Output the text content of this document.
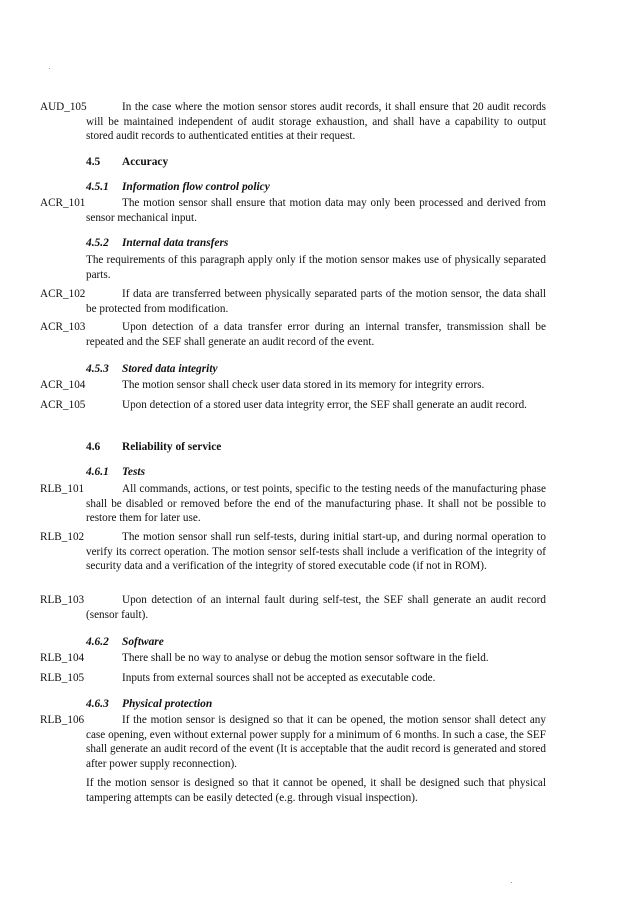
AUD_105	In the case where the motion sensor stores audit records, it shall ensure that 20 audit records will be maintained independent of audit storage exhaustion, and shall have a capability to output stored audit records to authenticated entities at their request.
4.5 Accuracy
4.5.1 Information flow control policy
ACR_101	The motion sensor shall ensure that motion data may only been processed and derived from sensor mechanical input.
4.5.2 Internal data transfers
The requirements of this paragraph apply only if the motion sensor makes use of physically separated parts.
ACR_102	If data are transferred between physically separated parts of the motion sensor, the data shall be protected from modification.
ACR_103	Upon detection of a data transfer error during an internal transfer, transmission shall be repeated and the SEF shall generate an audit record of the event.
4.5.3 Stored data integrity
ACR_104	The motion sensor shall check user data stored in its memory for integrity errors.
ACR_105	Upon detection of a stored user data integrity error, the SEF shall generate an audit record.
4.6 Reliability of service
4.6.1 Tests
RLB_101	All commands, actions, or test points, specific to the testing needs of the manufacturing phase shall be disabled or removed before the end of the manufacturing phase. It shall not be possible to restore them for later use.
RLB_102	The motion sensor shall run self-tests, during initial start-up, and during normal operation to verify its correct operation. The motion sensor self-tests shall include a verification of the integrity of security data and a verification of the integrity of stored executable code (if not in ROM).
RLB_103	Upon detection of an internal fault during self-test, the SEF shall generate an audit record (sensor fault).
4.6.2 Software
RLB_104	There shall be no way to analyse or debug the motion sensor software in the field.
RLB_105	Inputs from external sources shall not be accepted as executable code.
4.6.3 Physical protection
RLB_106	If the motion sensor is designed so that it can be opened, the motion sensor shall detect any case opening, even without external power supply for a minimum of 6 months. In such a case, the SEF shall generate an audit record of the event (It is acceptable that the audit record is generated and stored after power supply reconnection).
If the motion sensor is designed so that it cannot be opened, it shall be designed such that physical tampering attempts can be easily detected (e.g. through visual inspection).
